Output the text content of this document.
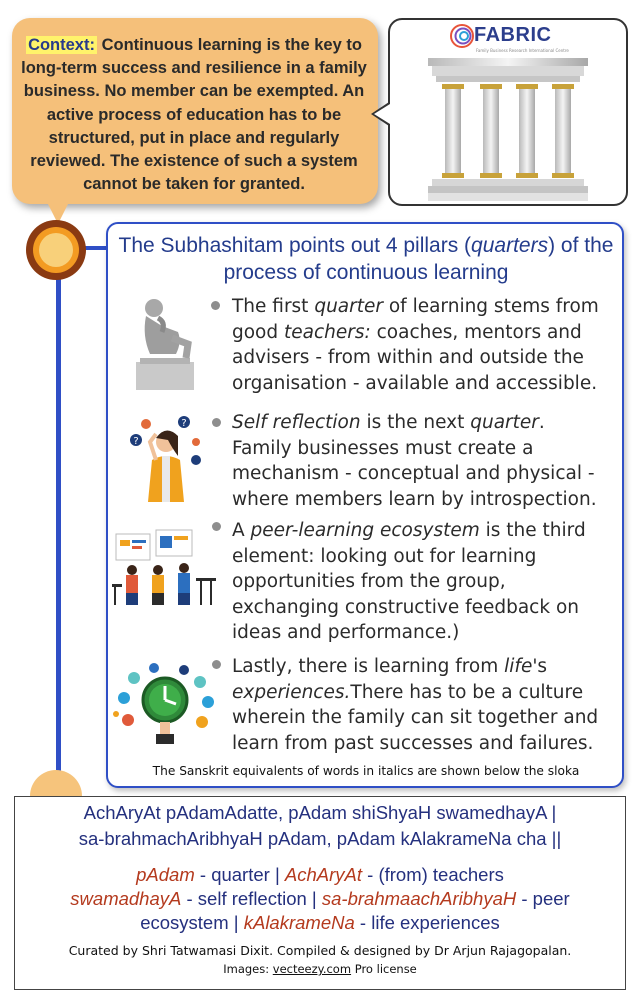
Context: Continuous learning is the key to long-term success and resilience in a family business. No member can be exempted. An active process of education has to be structured, put in place and regularly reviewed. The existence of such a system cannot be taken for granted.
FABRIC
Family Business Research International Centre
The Subhashitam points out 4 pillars (quarters) of the process of continuous learning
The first quarter of learning stems from good teachers: coaches, mentors and advisers - from within and outside the organisation - available and accessible.
?
? Self reflection is the next quarter. Family businesses must create a mechanism - conceptual and physical - where members learn by introspection.
A peer-learning ecosystem is the third element: looking out for learning opportunities from the group, exchanging constructive feedback on ideas and performance.)
Lastly, there is learning from life's experiences.There has to be a culture wherein the family can sit together and learn from past successes and failures.
The Sanskrit equivalents of words in italics are shown below the sloka
AchAryAt pAdamAdatte, pAdam shiShyaH swamedhayA |
sa-brahmachAribhyaH pAdam, pAdam kAlakrameNa cha ||
pAdam - quarter | AchAryAt - (from) teachers
swamadhayA - self reflection | sa-brahmaachAribhyaH - peer
ecosystem | kAlakrameNa - life experiences
Curated by Shri Tatwamasi Dixit. Compiled & designed by Dr Arjun Rajagopalan.
Images: vecteezy.com Pro license
